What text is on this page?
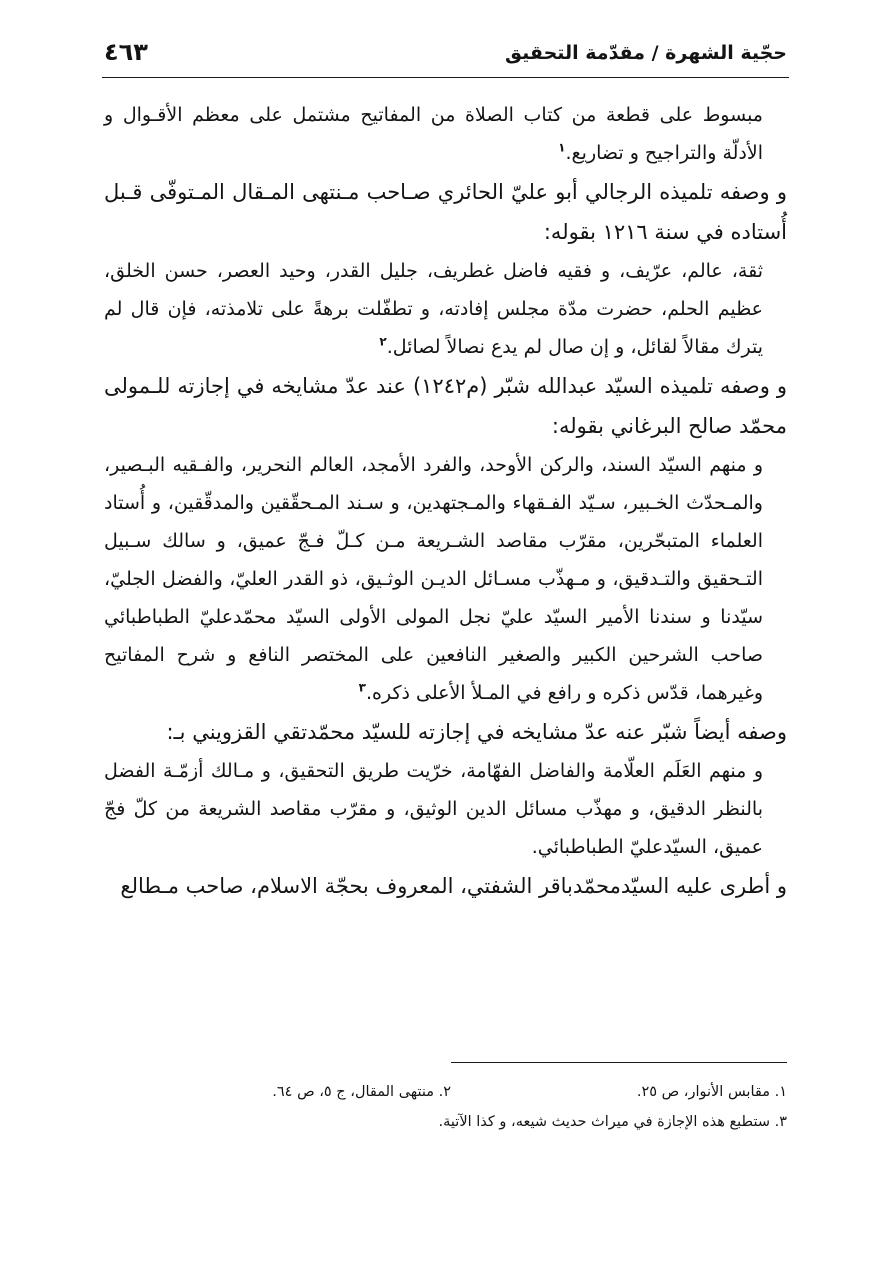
حجّية الشهرة / مقدّمة التحقيق
٤٦٣

مبسوط على قطعة من كتاب الصلاة من المفاتيح مشتمل على معظم الأقـوال و الأدلّة والتراجيح و تضاريع.$^١$

و وصفه تلميذه الرجالي أبو عليّ الحائري صـاحب مـنتهى المـقال المـتوفّى قـبل أُستاده في سنة ١٢١٦ بقوله:

ثقة، عالم، عرّيف، و فقيه فاضل غطريف، جليل القدر، وحيد العصر، حسن الخلق، عظيم الحلم، حضرت مدّة مجلس إفادته، و تطفّلت برهةً على تلامذته، فإن قال لم يترك مقالاً لقائل، و إن صال لم يدع نصالاً لصائل.$^٢$

و وصفه تلميذه السيّد عبدالله شبّر (م١٢٤٢) عند عدّ مشايخه في إجازته للـمولى محمّد صالح البرغاني بقوله:

و منهم السيّد السند، والركن الأوحد، والفرد الأمجد، العالم النحرير، والفـقيه البـصير، والمـحدّث الخـبير، سـيّد الفـقهاء والمـجتهدين، و سـند المـحقّقين والمدقّقين، و أُستاد العلماء المتبحّرين، مقرّب مقاصد الشـريعة مـن كـلّ فـجّ عميق، و سالك سـبيل التـحقيق والتـدقيق، و مـهذّب مسـائل الديـن الوثـيق، ذو القدر العليّ، والفضل الجليّ، سيّدنا و سندنا الأمير السيّد عليّ نجل المولى الأولى السيّد محمّدعليّ الطباطبائي صاحب الشرحين الكبير والصغير النافعين على المختصر النافع و شرح المفاتيح وغيرهما، قدّس ذكره و رافع في المـلأ الأعلى ذكره.$^٣$

وصفه أيضاً شبّر عنه عدّ مشايخه في إجازته للسيّد محمّدتقي القزويني بـ:

و منهم العَلَم العلّامة والفاضل الفهّامة، خرّيت طريق التحقيق، و مـالك أزمّـة الفضل بالنظر الدقيق، و مهذّب مسائل الدين الوثيق، و مقرّب مقاصد الشريعة من كلّ فجّ عميق، السيّدعليّ الطباطبائي.

و أطرى عليه السيّدمحمّدباقر الشفتي، المعروف بحجّة الاسلام، صاحب مـطالع

١. مقابس الأنوار، ص ٢٥.
٢. منتهى المقال، ج ٥، ص ٦٤.
٣. ستطبع هذه الإجازة في ميراث حديث شيعه، و كذا الآتية.
